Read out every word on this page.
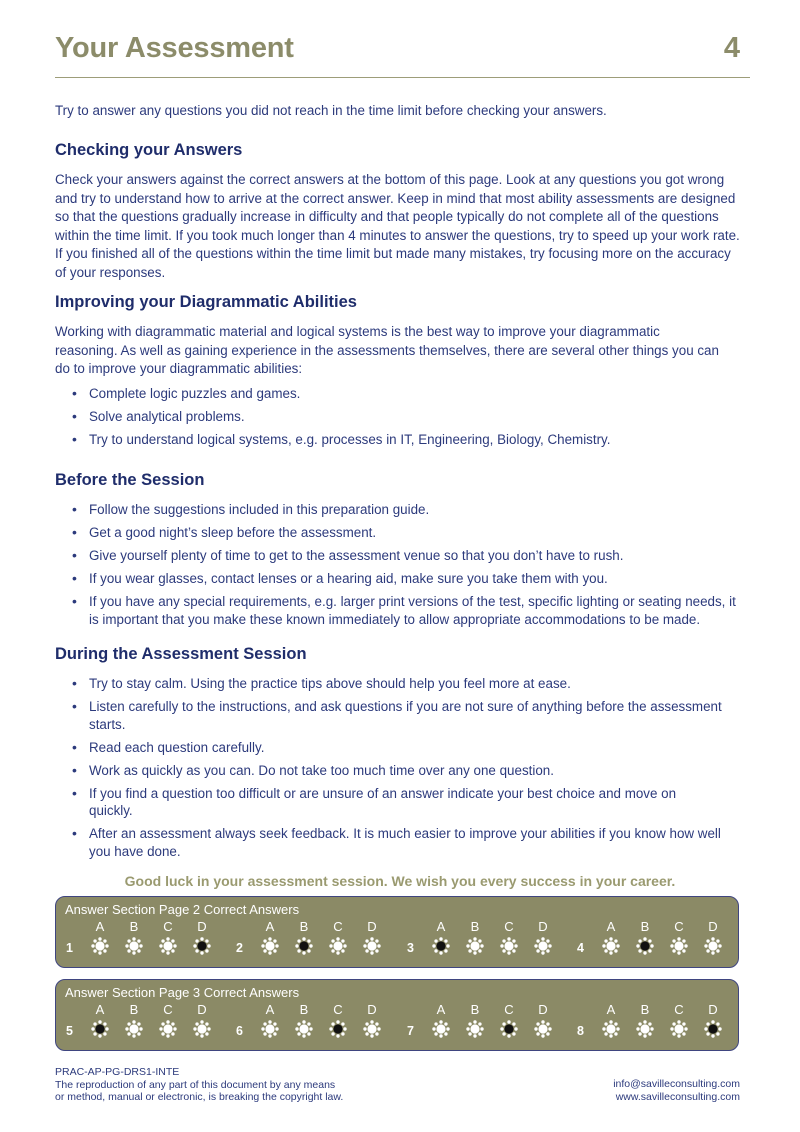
Your Assessment	4

Try to answer any questions you did not reach in the time limit before checking your answers.

Checking your Answers

Check your answers against the correct answers at the bottom of this page. Look at any questions you got wrong and try to understand how to arrive at the correct answer. Keep in mind that most ability assessments are designed so that the questions gradually increase in difficulty and that people typically do not complete all of the questions within the time limit. If you took much longer than 4 minutes to answer the questions, try to speed up your work rate. If you finished all of the questions within the time limit but made many mistakes, try focusing more on the accuracy of your responses.

Improving your Diagrammatic Abilities

Working with diagrammatic material and logical systems is the best way to improve your diagrammatic reasoning. As well as gaining experience in the assessments themselves, there are several other things you can do to improve your diagrammatic abilities:

• Complete logic puzzles and games.
• Solve analytical problems.
• Try to understand logical systems, e.g. processes in IT, Engineering, Biology, Chemistry.
Before the Session
• Follow the suggestions included in this preparation guide.
• Get a good night’s sleep before the assessment.
• Give yourself plenty of time to get to the assessment venue so that you don’t have to rush.
• If you wear glasses, contact lenses or a hearing aid, make sure you take them with you.
• If you have any special requirements, e.g. larger print versions of the test, specific lighting or seating needs, it is important that you make these known immediately to allow appropriate accommodations to be made.
During the Assessment Session
• Try to stay calm. Using the practice tips above should help you feel more at ease.
• Listen carefully to the instructions, and ask questions if you are not sure of anything before the assessment starts.
• Read each question carefully.
• Work as quickly as you can. Do not take too much time over any one question.
• If you find a question too difficult or are unsure of an answer indicate your best choice and move on quickly.
• After an assessment always seek feedback. It is much easier to improve your abilities if you know how well you have done.

Good luck in your assessment session. We wish you every success in your career.

Answer Section Page 2 Correct Answers
1
A	B	C	D
2
A	B	C	D
3
A	B	C	D
4
A	B	C	D
Answer Section Page 3 Correct Answers
5
A	B	C	D
6
A	B	C	D
7
A	B	C	D
8
A	B	C	D
PRAC-AP-PG-DRS1-INTE
The reproduction of any part of this document by any means
or method, manual or electronic, is breaking the copyright law.
info@savilleconsulting.com
www.savilleconsulting.com
